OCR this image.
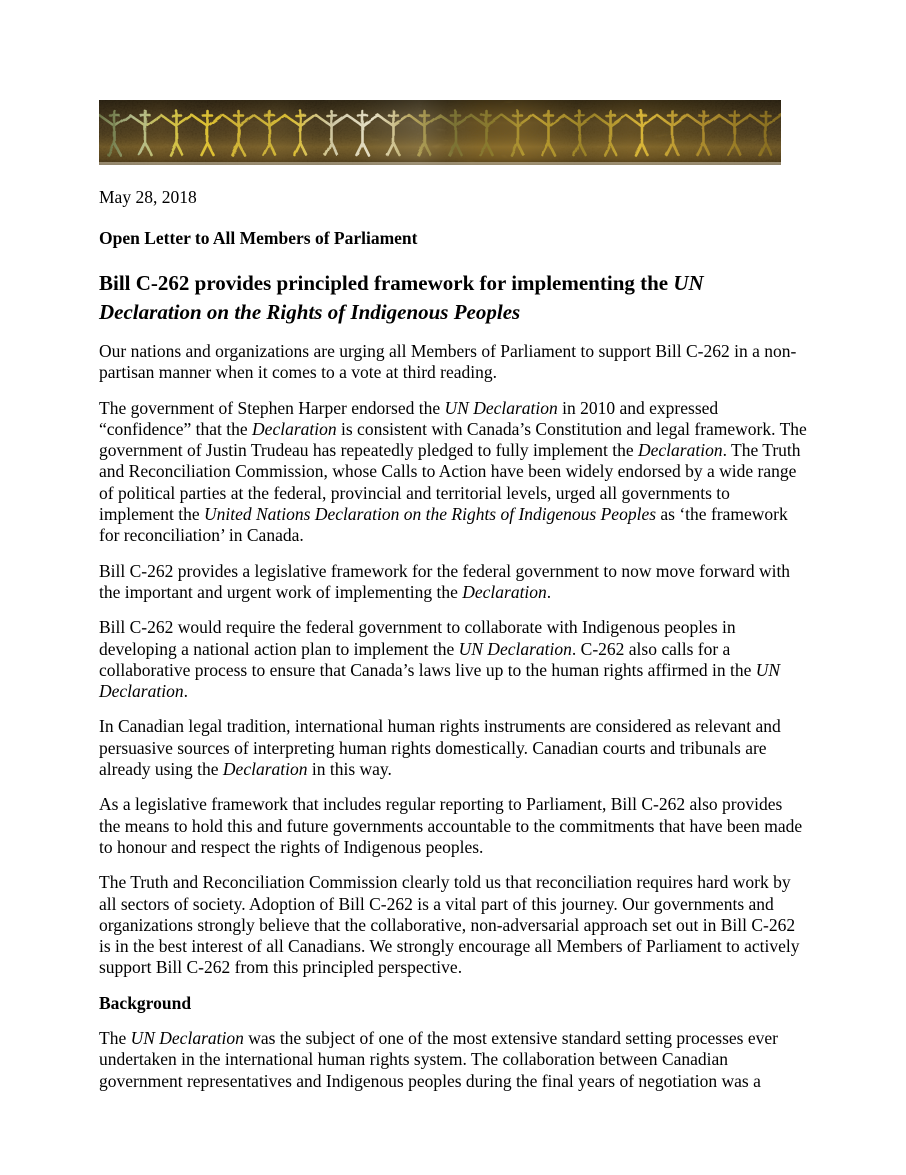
May 28, 2018

Open Letter to All Members of Parliament

Bill C-262 provides principled framework for implementing the UN Declaration on the Rights of Indigenous Peoples

Our nations and organizations are urging all Members of Parliament to support Bill C-262 in a non-partisan manner when it comes to a vote at third reading.

The government of Stephen Harper endorsed the UN Declaration in 2010 and expressed “confidence” that the Declaration is consistent with Canada’s Constitution and legal framework. The government of Justin Trudeau has repeatedly pledged to fully implement the Declaration. The Truth and Reconciliation Commission, whose Calls to Action have been widely endorsed by a wide range of political parties at the federal, provincial and territorial levels, urged all governments to implement the United Nations Declaration on the Rights of Indigenous Peoples as ‘the framework for reconciliation’ in Canada.

Bill C-262 provides a legislative framework for the federal government to now move forward with the important and urgent work of implementing the Declaration.

Bill C-262 would require the federal government to collaborate with Indigenous peoples in developing a national action plan to implement the UN Declaration. C-262 also calls for a collaborative process to ensure that Canada’s laws live up to the human rights affirmed in the UN Declaration.

In Canadian legal tradition, international human rights instruments are considered as relevant and persuasive sources of interpreting human rights domestically. Canadian courts and tribunals are already using the Declaration in this way.

As a legislative framework that includes regular reporting to Parliament, Bill C-262 also provides the means to hold this and future governments accountable to the commitments that have been made to honour and respect the rights of Indigenous peoples.

The Truth and Reconciliation Commission clearly told us that reconciliation requires hard work by all sectors of society. Adoption of Bill C-262 is a vital part of this journey. Our governments and organizations strongly believe that the collaborative, non-adversarial approach set out in Bill C-262 is in the best interest of all Canadians. We strongly encourage all Members of Parliament to actively support Bill C-262 from this principled perspective.

Background

The UN Declaration was the subject of one of the most extensive standard setting processes ever undertaken in the international human rights system. The collaboration between Canadian government representatives and Indigenous peoples during the final years of negotiation was a
